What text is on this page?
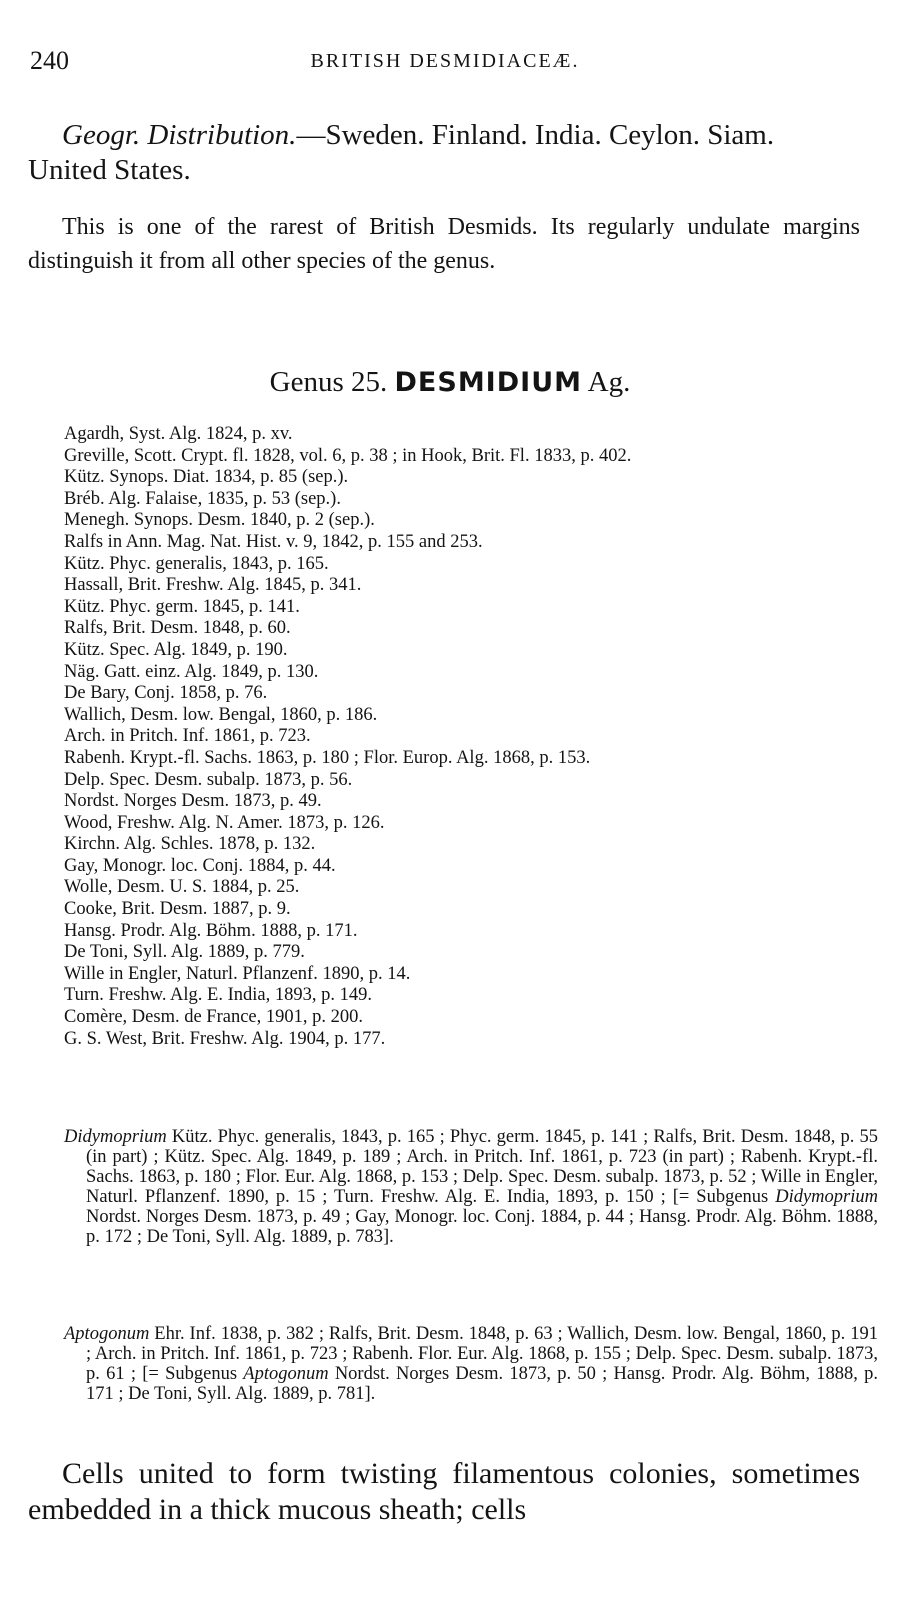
240	BRITISH DESMIDIACEÆ.

Geogr. Distribution.—Sweden. Finland. India. Ceylon. Siam. United States.

This is one of the rarest of British Desmids. Its regularly undulate margins distinguish it from all other species of the genus.

Genus 25. DESMIDIUM Ag.
Agardh, Syst. Alg. 1824, p. xv.
Greville, Scott. Crypt. fl. 1828, vol. 6, p. 38 ; in Hook, Brit. Fl. 1833, p. 402.
Kütz. Synops. Diat. 1834, p. 85 (sep.).
Bréb. Alg. Falaise, 1835, p. 53 (sep.).
Menegh. Synops. Desm. 1840, p. 2 (sep.).
Ralfs in Ann. Mag. Nat. Hist. v. 9, 1842, p. 155 and 253.
Kütz. Phyc. generalis, 1843, p. 165.
Hassall, Brit. Freshw. Alg. 1845, p. 341.
Kütz. Phyc. germ. 1845, p. 141.
Ralfs, Brit. Desm. 1848, p. 60.
Kütz. Spec. Alg. 1849, p. 190.
Näg. Gatt. einz. Alg. 1849, p. 130.
De Bary, Conj. 1858, p. 76.
Wallich, Desm. low. Bengal, 1860, p. 186.
Arch. in Pritch. Inf. 1861, p. 723.
Rabenh. Krypt.-fl. Sachs. 1863, p. 180 ; Flor. Europ. Alg. 1868, p. 153.
Delp. Spec. Desm. subalp. 1873, p. 56.
Nordst. Norges Desm. 1873, p. 49.
Wood, Freshw. Alg. N. Amer. 1873, p. 126.
Kirchn. Alg. Schles. 1878, p. 132.
Gay, Monogr. loc. Conj. 1884, p. 44.
Wolle, Desm. U. S. 1884, p. 25.
Cooke, Brit. Desm. 1887, p. 9.
Hansg. Prodr. Alg. Böhm. 1888, p. 171.
De Toni, Syll. Alg. 1889, p. 779.
Wille in Engler, Naturl. Pflanzenf. 1890, p. 14.
Turn. Freshw. Alg. E. India, 1893, p. 149.
Comère, Desm. de France, 1901, p. 200.
G. S. West, Brit. Freshw. Alg. 1904, p. 177.

Didymoprium Kütz. Phyc. generalis, 1843, p. 165 ; Phyc. germ. 1845, p. 141 ; Ralfs, Brit. Desm. 1848, p. 55 (in part) ; Kütz. Spec. Alg. 1849, p. 189 ; Arch. in Pritch. Inf. 1861, p. 723 (in part) ; Rabenh. Krypt.-fl. Sachs. 1863, p. 180 ; Flor. Eur. Alg. 1868, p. 153 ; Delp. Spec. Desm. subalp. 1873, p. 52 ; Wille in Engler, Naturl. Pflanzenf. 1890, p. 15 ; Turn. Freshw. Alg. E. India, 1893, p. 150 ; [= Subgenus Didymoprium Nordst. Norges Desm. 1873, p. 49 ; Gay, Monogr. loc. Conj. 1884, p. 44 ; Hansg. Prodr. Alg. Böhm. 1888, p. 172 ; De Toni, Syll. Alg. 1889, p. 783].

Aptogonum Ehr. Inf. 1838, p. 382 ; Ralfs, Brit. Desm. 1848, p. 63 ; Wallich, Desm. low. Bengal, 1860, p. 191 ; Arch. in Pritch. Inf. 1861, p. 723 ; Rabenh. Flor. Eur. Alg. 1868, p. 155 ; Delp. Spec. Desm. subalp. 1873, p. 61 ; [= Subgenus Aptogonum Nordst. Norges Desm. 1873, p. 50 ; Hansg. Prodr. Alg. Böhm, 1888, p. 171 ; De Toni, Syll. Alg. 1889, p. 781].

Cells united to form twisting filamentous colonies, sometimes embedded in a thick mucous sheath; cells
